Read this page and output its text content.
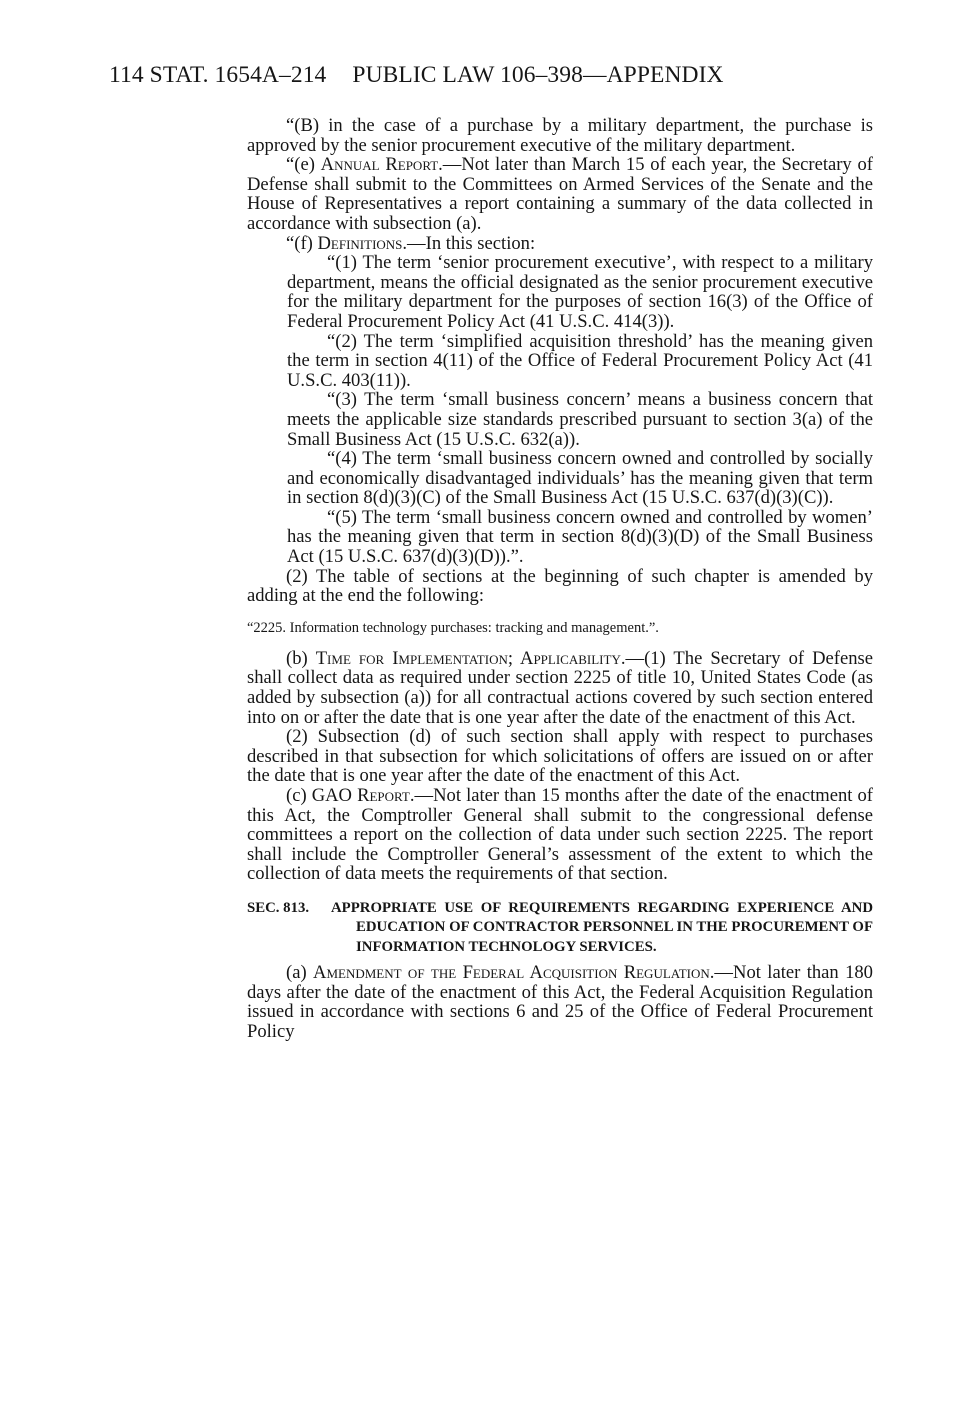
114 STAT. 1654A–214 PUBLIC LAW 106–398—APPENDIX

“(B) in the case of a purchase by a military department, the purchase is approved by the senior procurement executive of the military department.

“(e) Annual Report.—Not later than March 15 of each year, the Secretary of Defense shall submit to the Committees on Armed Services of the Senate and the House of Representatives a report containing a summary of the data collected in accordance with subsection (a).

“(f) Definitions.—In this section:

“(1) The term ‘senior procurement executive’, with respect to a military department, means the official designated as the senior procurement executive for the military department for the purposes of section 16(3) of the Office of Federal Procurement Policy Act (41 U.S.C. 414(3)).

“(2) The term ‘simplified acquisition threshold’ has the meaning given the term in section 4(11) of the Office of Federal Procurement Policy Act (41 U.S.C. 403(11)).

“(3) The term ‘small business concern’ means a business concern that meets the applicable size standards prescribed pursuant to section 3(a) of the Small Business Act (15 U.S.C. 632(a)).

“(4) The term ‘small business concern owned and controlled by socially and economically disadvantaged individuals’ has the meaning given that term in section 8(d)(3)(C) of the Small Business Act (15 U.S.C. 637(d)(3)(C)).

“(5) The term ‘small business concern owned and controlled by women’ has the meaning given that term in section 8(d)(3)(D) of the Small Business Act (15 U.S.C. 637(d)(3)(D)).”.

(2) The table of sections at the beginning of such chapter is amended by adding at the end the following:

“2225. Information technology purchases: tracking and management.”.

(b) Time for Implementation; Applicability.—(1) The Secretary of Defense shall collect data as required under section 2225 of title 10, United States Code (as added by subsection (a)) for all contractual actions covered by such section entered into on or after the date that is one year after the date of the enactment of this Act.

(2) Subsection (d) of such section shall apply with respect to purchases described in that subsection for which solicitations of offers are issued on or after the date that is one year after the date of the enactment of this Act.

(c) GAO Report.—Not later than 15 months after the date of the enactment of this Act, the Comptroller General shall submit to the congressional defense committees a report on the collection of data under such section 2225. The report shall include the Comptroller General’s assessment of the extent to which the collection of data meets the requirements of that section.

SEC. 813. APPROPRIATE USE OF REQUIREMENTS REGARDING EXPERIENCE AND EDUCATION OF CONTRACTOR PERSONNEL IN THE PROCUREMENT OF INFORMATION TECHNOLOGY SERVICES.

(a) Amendment of the Federal Acquisition Regulation.—Not later than 180 days after the date of the enactment of this Act, the Federal Acquisition Regulation issued in accordance with sections 6 and 25 of the Office of Federal Procurement Policy
